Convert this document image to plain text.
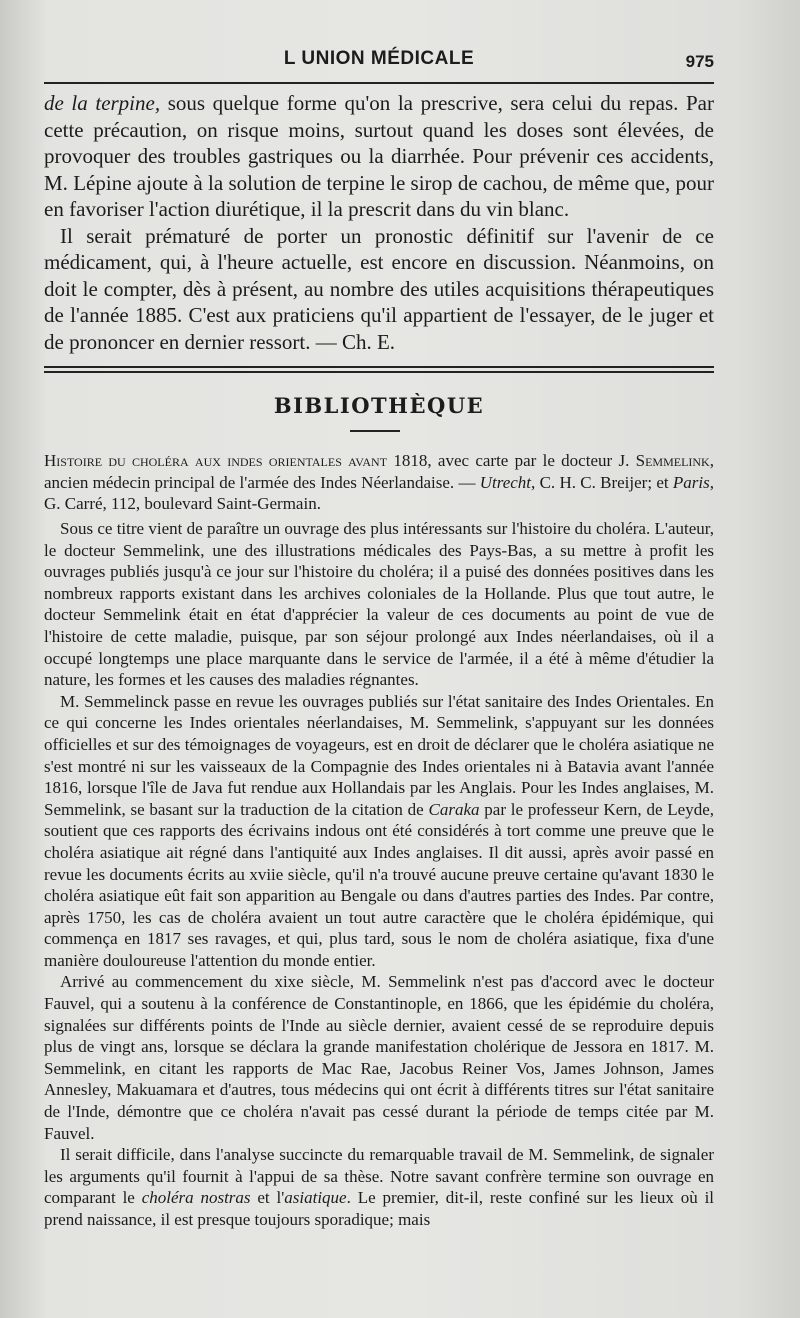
L UNION MÉDICALE	975

de la terpine, sous quelque forme qu'on la prescrive, sera celui du repas. Par cette précaution, on risque moins, surtout quand les doses sont élevées, de provoquer des troubles gastriques ou la diarrhée. Pour prévenir ces accidents, M. Lépine ajoute à la solution de terpine le sirop de cachou, de même que, pour en favoriser l'action diurétique, il la prescrit dans du vin blanc.

Il serait prématuré de porter un pronostic définitif sur l'avenir de ce médicament, qui, à l'heure actuelle, est encore en discussion. Néanmoins, on doit le compter, dès à présent, au nombre des utiles acquisitions thérapeutiques de l'année 1885. C'est aux praticiens qu'il appartient de l'essayer, de le juger et de prononcer en dernier ressort. — Ch. E.

BIBLIOTHÈQUE

Histoire du choléra aux indes orientales avant 1818, avec carte par le docteur J. Semmelink, ancien médecin principal de l'armée des Indes Néerlandaise. — Utrecht, C. H. C. Breijer; et Paris, G. Carré, 112, boulevard Saint-Germain.

Sous ce titre vient de paraître un ouvrage des plus intéressants sur l'histoire du choléra. L'auteur, le docteur Semmelink, une des illustrations médicales des Pays-Bas, a su mettre à profit les ouvrages publiés jusqu'à ce jour sur l'histoire du choléra; il a puisé des données positives dans les nombreux rapports existant dans les archives coloniales de la Hollande. Plus que tout autre, le docteur Semmelink était en état d'apprécier la valeur de ces documents au point de vue de l'histoire de cette maladie, puisque, par son séjour prolongé aux Indes néerlandaises, où il a occupé longtemps une place marquante dans le service de l'armée, il a été à même d'étudier la nature, les formes et les causes des maladies régnantes.

M. Semmelinck passe en revue les ouvrages publiés sur l'état sanitaire des Indes Orientales. En ce qui concerne les Indes orientales néerlandaises, M. Semmelink, s'appuyant sur les données officielles et sur des témoignages de voyageurs, est en droit de déclarer que le choléra asiatique ne s'est montré ni sur les vaisseaux de la Compagnie des Indes orientales ni à Batavia avant l'année 1816, lorsque l'île de Java fut rendue aux Hollandais par les Anglais. Pour les Indes anglaises, M. Semmelink, se basant sur la traduction de la citation de Caraka par le professeur Kern, de Leyde, soutient que ces rapports des écrivains indous ont été considérés à tort comme une preuve que le choléra asiatique ait régné dans l'antiquité aux Indes anglaises. Il dit aussi, après avoir passé en revue les documents écrits au xviie siècle, qu'il n'a trouvé aucune preuve certaine qu'avant 1830 le choléra asiatique eût fait son apparition au Bengale ou dans d'autres parties des Indes. Par contre, après 1750, les cas de choléra avaient un tout autre caractère que le choléra épidémique, qui commença en 1817 ses ravages, et qui, plus tard, sous le nom de choléra asiatique, fixa d'une manière douloureuse l'attention du monde entier.

Arrivé au commencement du xixe siècle, M. Semmelink n'est pas d'accord avec le docteur Fauvel, qui a soutenu à la conférence de Constantinople, en 1866, que les épidémie du choléra, signalées sur différents points de l'Inde au siècle dernier, avaient cessé de se reproduire depuis plus de vingt ans, lorsque se déclara la grande manifestation cholérique de Jessora en 1817. M. Semmelink, en citant les rapports de Mac Rae, Jacobus Reiner Vos, James Johnson, James Annesley, Makuamara et d'autres, tous médecins qui ont écrit à différents titres sur l'état sanitaire de l'Inde, démontre que ce choléra n'avait pas cessé durant la période de temps citée par M. Fauvel.

Il serait difficile, dans l'analyse succincte du remarquable travail de M. Semmelink, de signaler les arguments qu'il fournit à l'appui de sa thèse. Notre savant confrère termine son ouvrage en comparant le choléra nostras et l'asiatique. Le premier, dit-il, reste confiné sur les lieux où il prend naissance, il est presque toujours sporadique; mais
